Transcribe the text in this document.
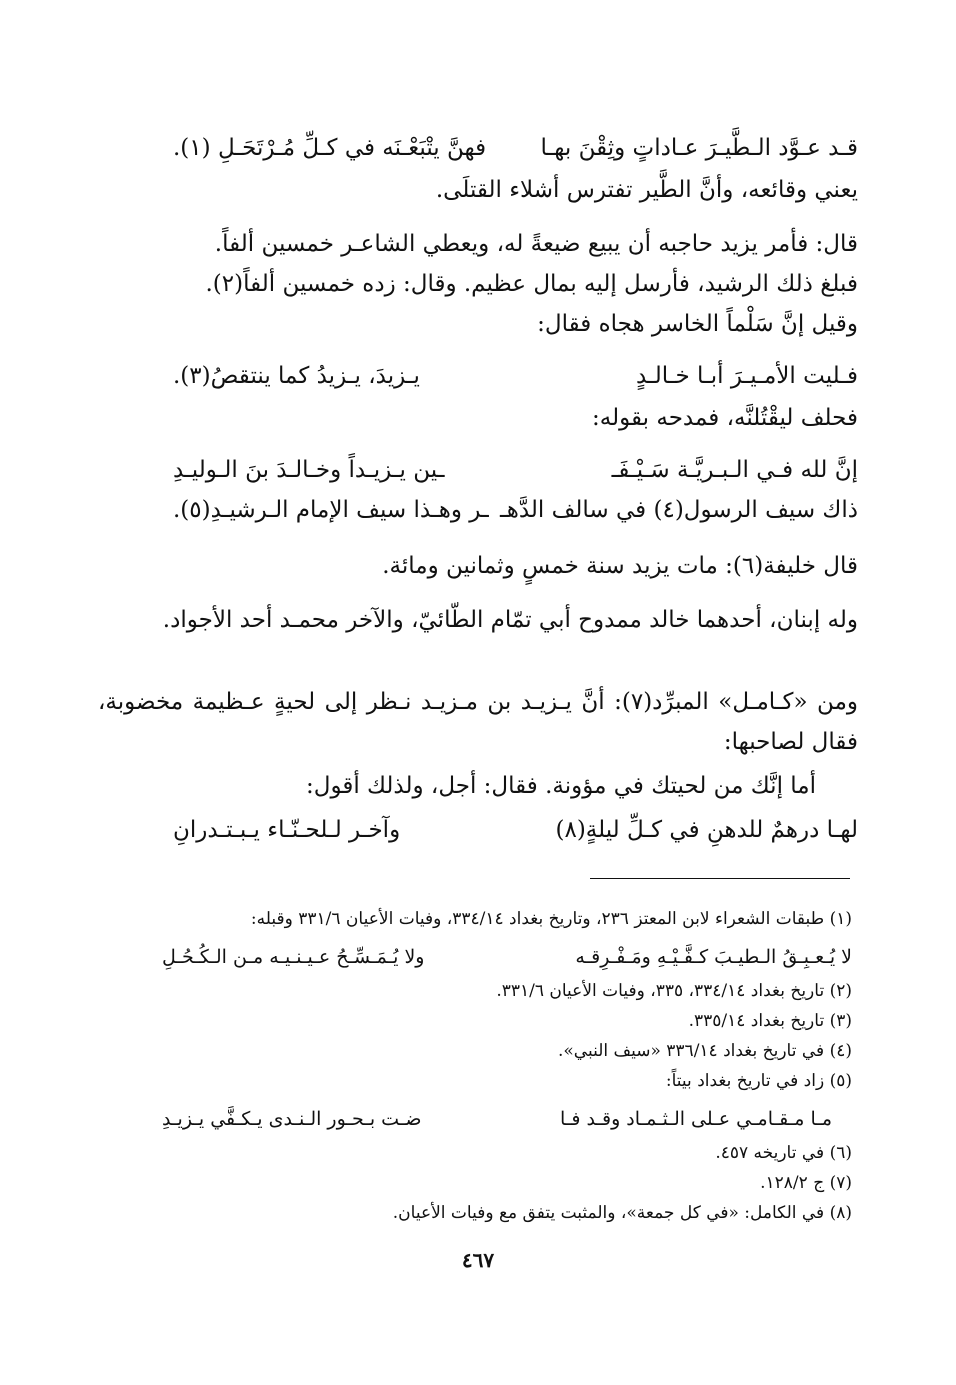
قـد عـوَّد الـطَّيـرَ عـاداتٍ وثِقْنَ بهـا
فهنَّ يتْبَعْـنَه في كـلِّ مُـرْتَحَـلِ (١).
يعني وقائعه، وأنَّ الطَّير تفترس أشلاء القتلَى.
قال: فأمر يزيد حاجبه أن يبيع ضيعةً له، ويعطي الشاعـر خمسين ألفاً.
فبلغ ذلك الرشيد، فأرسل إليه بمال عظيم. وقال: زده خمسين ألفاً(٢).
وقيل إنَّ سَلْماً الخاسر هجاه فقال:
فـليت الأمـيـرَ أبـا خـالـدٍ
يـزيدَ، يـزيدُ كما ينتقصُ(٣).
فحلف ليقْتُلنَّه، فمدحه بقوله:
إنَّ لله فـي الـبـريَّـة سَـيْـفَـ
ـين يـزيـداً وخـالـدَ بنَ الـوليـدِ
ذاك سيف الرسول(٤) في سالف الدَّهـ
ـر وهـذا سيف الإمام الـرشيـدِ(٥).
قال خليفة(٦): مات يزيد سنة خمسٍ وثمانين ومائة.
وله إبنان، أحدهما خالد ممدوح أبي تمّام الطّائيّ، والآخر محمـد أحد الأجواد.
ومن «كـامـل» المبرِّد(٧): أنَّ يـزيـد بن مـزيـد نـظر إلى لحيةٍ عـظيمة مخضوبة، فقال لصاحبها:
أما إنَّك من لحيتك في مؤونة. فقال: أجل، ولذلك أقول:
لهـا درهمٌ للدهنِ في كـلِّ ليلةٍ(٨)
وآخـر لـلحـنّـاء يـبـتـدرانِ
(١) طبقات الشعراء لابن المعتز ٢٣٦، وتاريخ بغداد ٣٣٤/١٤، وفيات الأعيان ٣٣١/٦ وقبله:
لا يُـعـبِـقُ الـطيـبَ كـفَّـيْـهِ ومَـفْـرِقـه
ولا يُـمَـسِّـحُ عـيـنـيـه مـن الـكُـحُـلِ
(٢) تاريخ بغداد ٣٣٤/١٤، ٣٣٥، وفيات الأعيان ٣٣١/٦.
(٣) تاريخ بغداد ٣٣٥/١٤.
(٤) في تاريخ بغداد ٣٣٦/١٤ «سيف النبي».
(٥) زاد في تاريخ بغداد بيتاً:
مـا مـقـامـي عـلى الـثـمـاد وقـد فـا
ضـت بـحـور الـنـدى يـكـفَّي يـزيـدِ
(٦) في تاريخه ٤٥٧.
(٧) ج ١٢٨/٢.
(٨) في الكامل: «في كل جمعة»، والمثبت يتفق مع وفيات الأعيان.
٤٦٧
